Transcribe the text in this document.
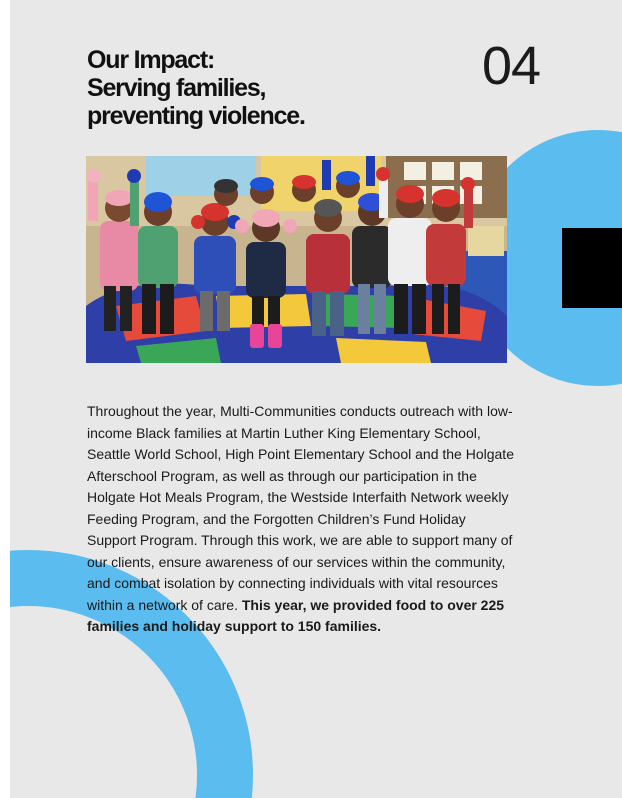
Our Impact:
Serving families,
preventing violence.
04

Throughout the year, Multi-Communities conducts outreach with low-
income Black families at Martin Luther King Elementary School,
Seattle World School, High Point Elementary School and the Holgate
Afterschool Program, as well as through our participation in the
Holgate Hot Meals Program, the Westside Interfaith Network weekly
Feeding Program, and the Forgotten Children’s Fund Holiday
Support Program. Through this work, we are able to support many of
our clients, ensure awareness of our services within the community,
and combat isolation by connecting individuals with vital resources
within a network of care. This year, we provided food to over 225
families and holiday support to 150 families.
